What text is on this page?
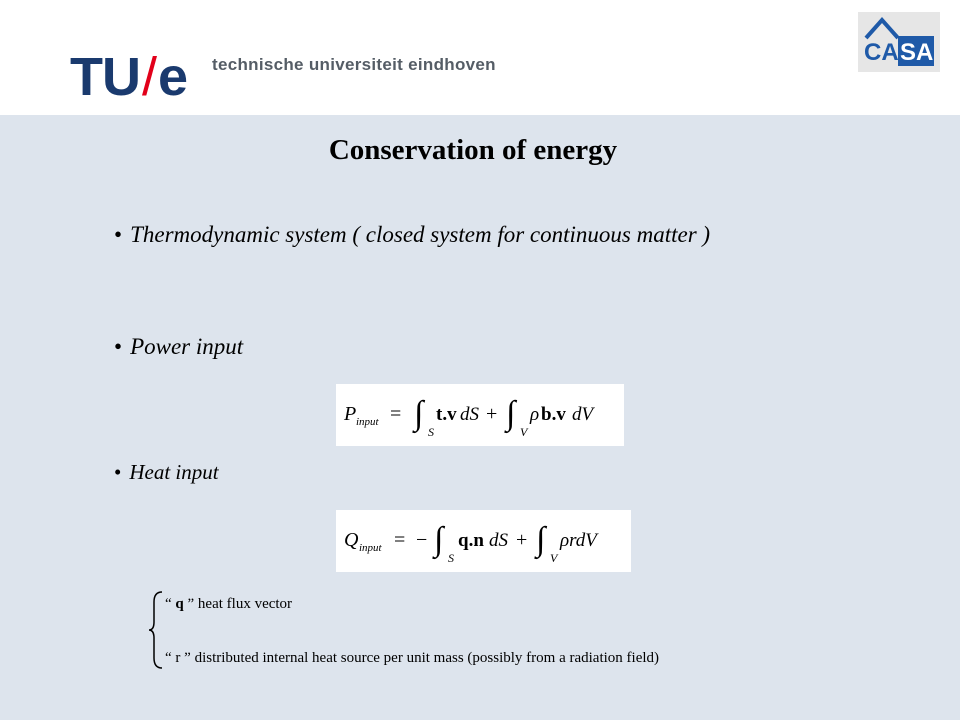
TU/e technische universiteit eindhoven	CA SA
Conservation of energy
• Thermodynamic system ( closed system for continuous matter )
• Power input
• Heat input
P input = ∫ S
t.v dS + ∫ V
ρ b.v dV
Q input = − ∫ S
q.n dS + ∫ V
ρrdV
“ q ” heat flux vector
“ r ” distributed internal heat source per unit mass (possibly from a radiation field)
